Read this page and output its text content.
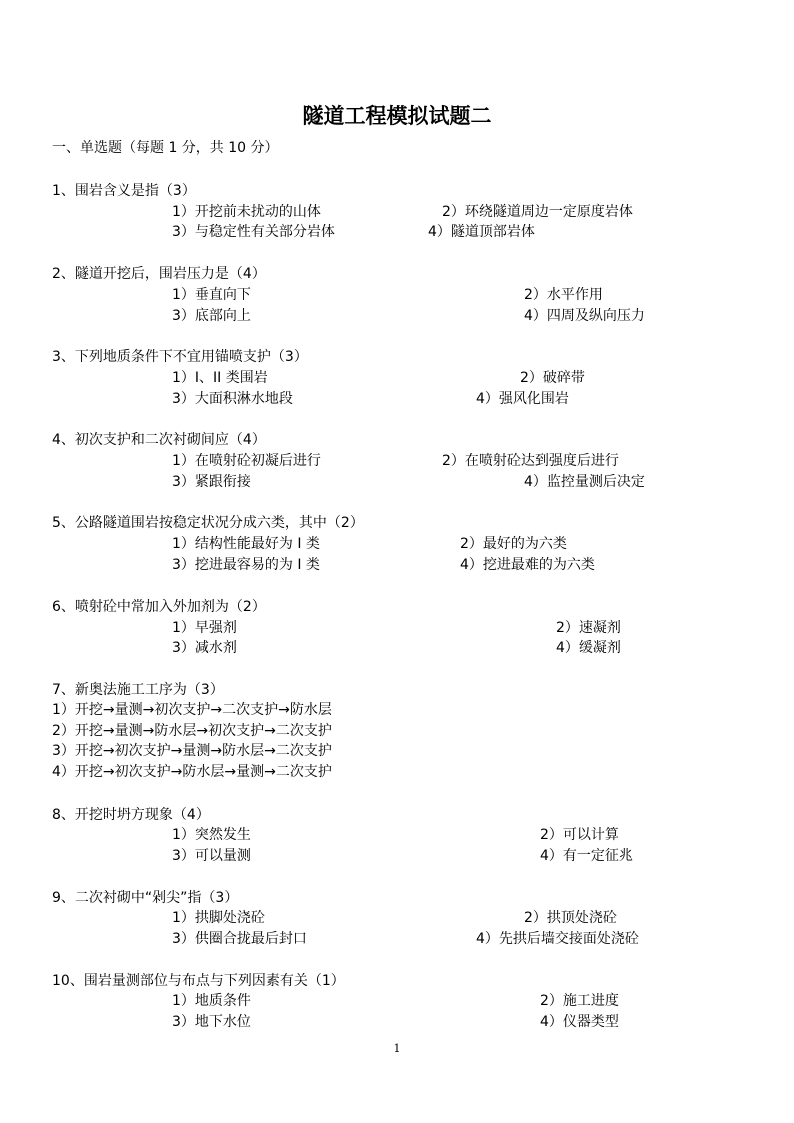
隧道工程模拟试题二
一、单选题（每题 1 分，共 10 分）
1、围岩含义是指（3）
1）开挖前未扰动的山体	2）环绕隧道周边一定原度岩体
3）与稳定性有关部分岩体	4）隧道顶部岩体
2、隧道开挖后，围岩压力是（4）
1）垂直向下	2）水平作用
3）底部向上	4）四周及纵向压力
3、下列地质条件下不宜用锚喷支护（3）
1）I、II 类围岩	2）破碎带
3）大面积淋水地段	4）强风化围岩
4、初次支护和二次衬砌间应（4）
1）在喷射砼初凝后进行	2）在喷射砼达到强度后进行
3）紧跟衔接	4）监控量测后决定
5、公路隧道围岩按稳定状况分成六类，其中（2）
1）结构性能最好为 I 类	2）最好的为六类
3）挖进最容易的为 I 类	4）挖进最难的为六类
6、喷射砼中常加入外加剂为（2）
1）早强剂	2）速凝剂
3）减水剂	4）缓凝剂
7、新奥法施工工序为（3）
1）开挖→量测→初次支护→二次支护→防水层
2）开挖→量测→防水层→初次支护→二次支护
3）开挖→初次支护→量测→防水层→二次支护
4）开挖→初次支护→防水层→量测→二次支护
8、开挖时坍方现象（4）
1）突然发生	2）可以计算
3）可以量测	4）有一定征兆
9、二次衬砌中“剁尖”指（3）
1）拱脚处浇砼	2）拱顶处浇砼
3）供圈合拢最后封口	4）先拱后墙交接面处浇砼
10、围岩量测部位与布点与下列因素有关（1）
1）地质条件	2）施工进度
3）地下水位	4）仪器类型
1
